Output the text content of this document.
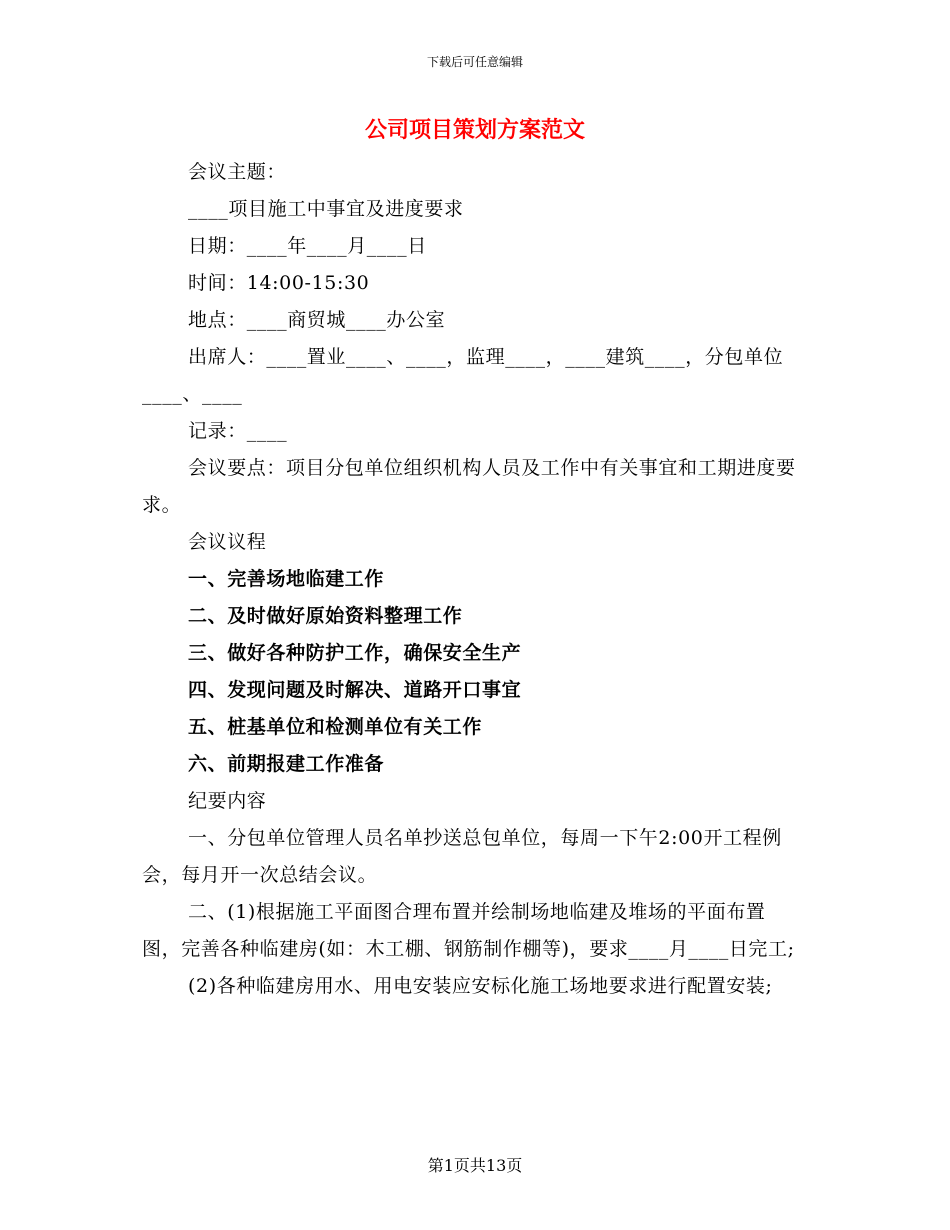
下载后可任意编辑
公司项目策划方案范文

会议主题：

____项目施工中事宜及进度要求

日期：____年____月____日

时间：14:00-15:30

地点：____商贸城____办公室

出席人：____置业____、____，监理____，____建筑____，分包单位____、____

记录：____

会议要点：项目分包单位组织机构人员及工作中有关事宜和工期进度要求。

会议议程

一、完善场地临建工作

二、及时做好原始资料整理工作

三、做好各种防护工作，确保安全生产

四、发现问题及时解决、道路开口事宜

五、桩基单位和检测单位有关工作

六、前期报建工作准备

纪要内容

一、分包单位管理人员名单抄送总包单位，每周一下午2:00开工程例会，每月开一次总结会议。

二、(1)根据施工平面图合理布置并绘制场地临建及堆场的平面布置图，完善各种临建房(如：木工棚、钢筋制作棚等)，要求____月____日完工;

(2)各种临建房用水、用电安装应安标化施工场地要求进行配置安装;

第1页共13页
